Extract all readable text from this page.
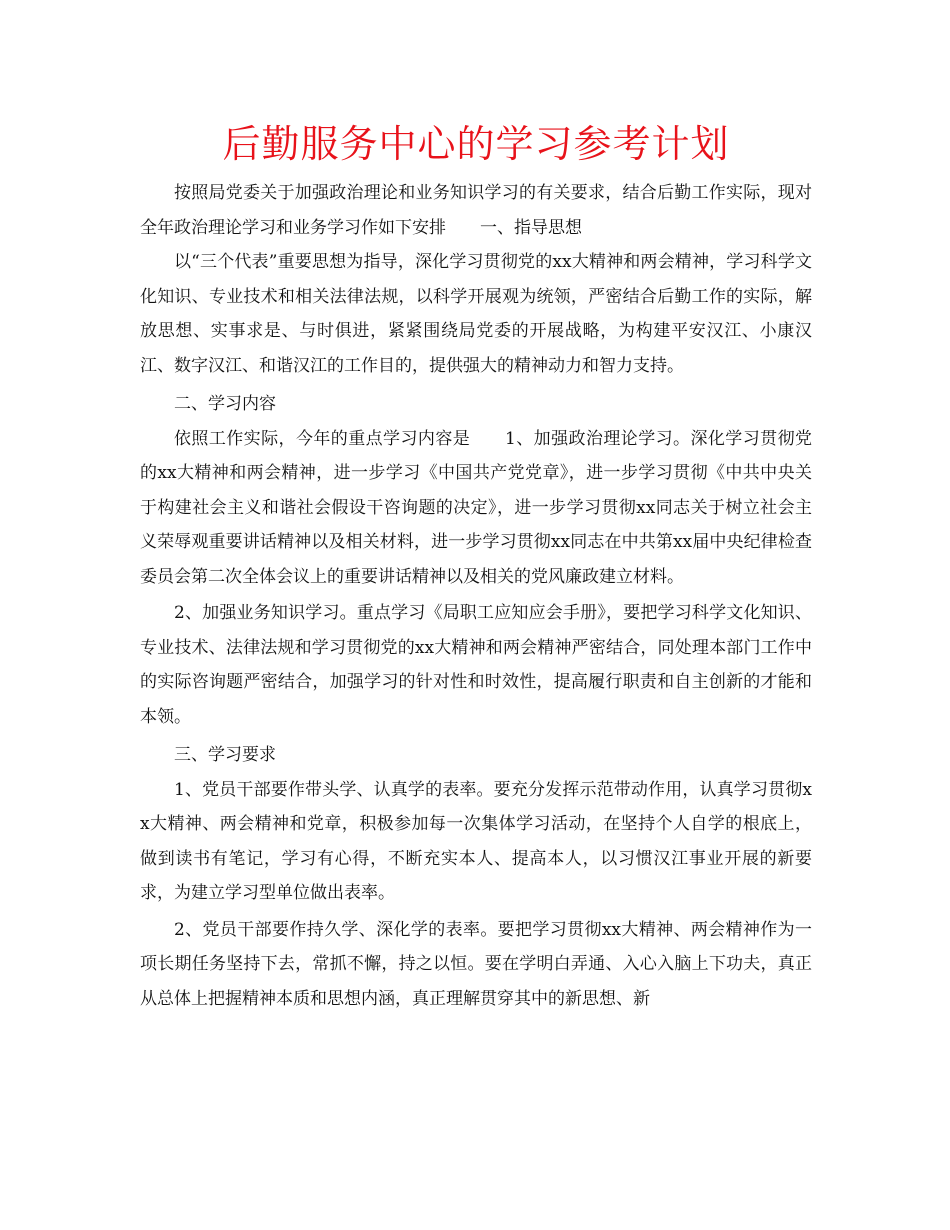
后勤服务中心的学习参考计划

按照局党委关于加强政治理论和业务知识学习的有关要求，结合后勤工作实际，现对全年政治理论学习和业务学习作如下安排　　一、指导思想

以“三个代表”重要思想为指导，深化学习贯彻党的xx大精神和两会精神，学习科学文化知识、专业技术和相关法律法规，以科学开展观为统领，严密结合后勤工作的实际，解放思想、实事求是、与时俱进，紧紧围绕局党委的开展战略，为构建平安汉江、小康汉江、数字汉江、和谐汉江的工作目的，提供强大的精神动力和智力支持。

二、学习内容

依照工作实际，今年的重点学习内容是　　1、加强政治理论学习。深化学习贯彻党的xx大精神和两会精神，进一步学习《中国共产党党章》，进一步学习贯彻《中共中央关于构建社会主义和谐社会假设干咨询题的决定》，进一步学习贯彻xx同志关于树立社会主义荣辱观重要讲话精神以及相关材料，进一步学习贯彻xx同志在中共第xx届中央纪律检查委员会第二次全体会议上的重要讲话精神以及相关的党风廉政建立材料。

2、加强业务知识学习。重点学习《局职工应知应会手册》，要把学习科学文化知识、专业技术、法律法规和学习贯彻党的xx大精神和两会精神严密结合，同处理本部门工作中的实际咨询题严密结合，加强学习的针对性和时效性，提高履行职责和自主创新的才能和本领。

三、学习要求

1、党员干部要作带头学、认真学的表率。要充分发挥示范带动作用，认真学习贯彻xx大精神、两会精神和党章，积极参加每一次集体学习活动，在坚持个人自学的根底上，做到读书有笔记，学习有心得，不断充实本人、提高本人，以习惯汉江事业开展的新要求，为建立学习型单位做出表率。

2、党员干部要作持久学、深化学的表率。要把学习贯彻xx大精神、两会精神作为一项长期任务坚持下去，常抓不懈，持之以恒。要在学明白弄通、入心入脑上下功夫，真正从总体上把握精神本质和思想内涵，真正理解贯穿其中的新思想、新
